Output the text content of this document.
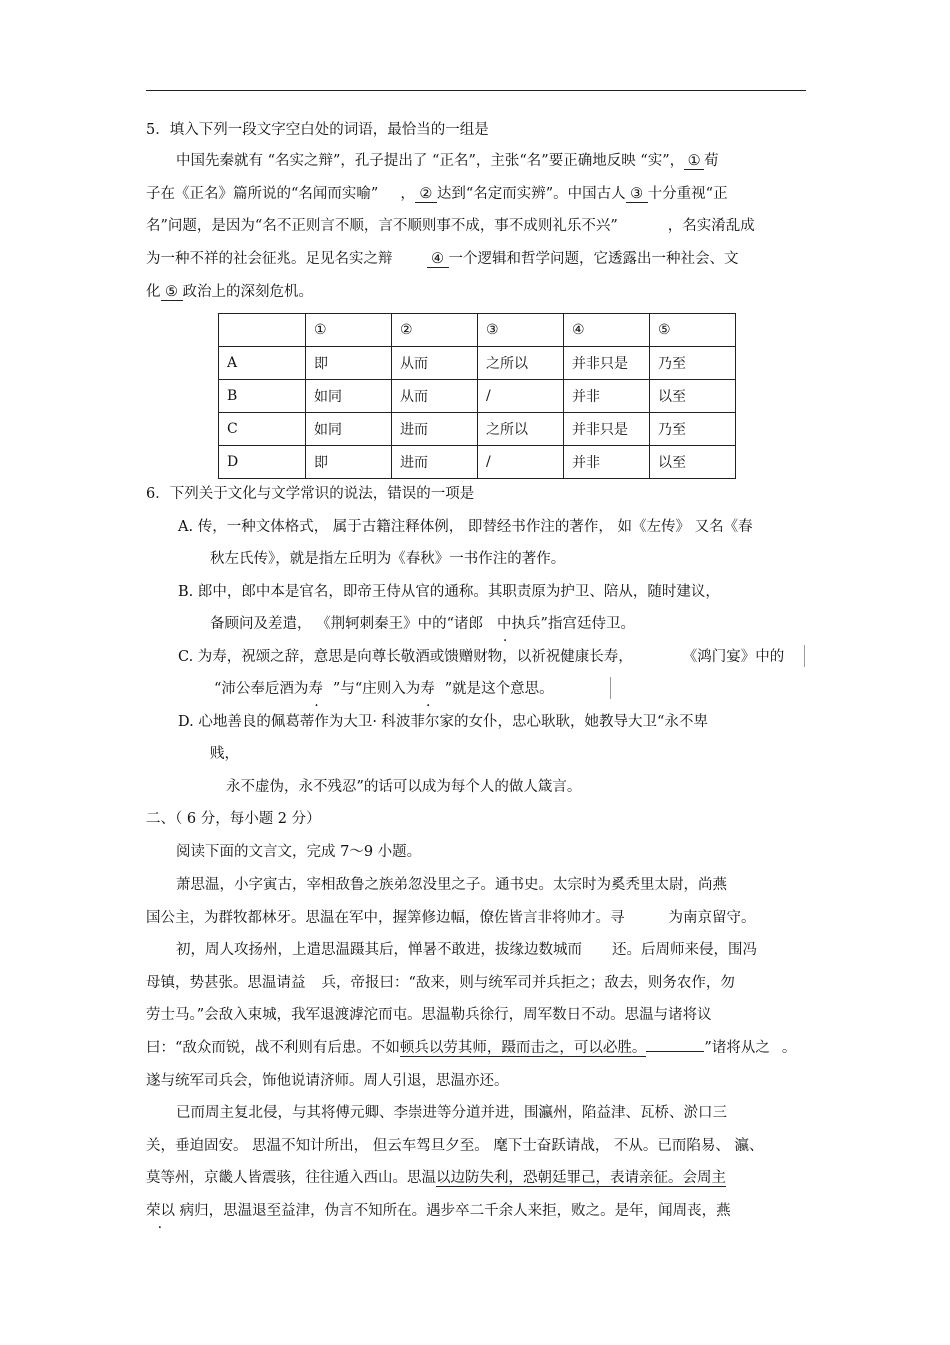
5．填入下列一段文字空白处的词语，最恰当的一组是
中国先秦就有 “名实之辩”，孔子提出了 “正名”，主张“名”要正确地反映 “实”， ① 荀
子在《正名》篇所说的“名闻而实喻” ， ② 达到“名定而实辨”。中国古人 ③ 十分重视“正
名”问题，是因为“名不正则言不顺，言不顺则事不成，事不成则礼乐不兴”	，名实淆乱成
为一种不祥的社会征兆。足见名实之辩	④ 一个逻辑和哲学问题，它透露出一种社会、文
化 ⑤ 政治上的深刻危机。
	①	②	③	④	⑤
A	即	从而	之所以	并非只是	乃至
B	如同	从而	/	并非	以至
C	如同	进而	之所以	并非只是	乃至
D	即	进而	/	并非	以至
6．下列关于文化与文学常识的说法，错误的一项是
A. 传，一种文体格式， 属于古籍注释体例， 即替经书作注的著作， 如《左传》 又名《春
秋左氏传》，就是指左丘明为《春秋》一书作注的著作。
B. 郎中，郎中本是官名，即帝王侍从官的通称。其职责原为护卫、陪从，随时建议，
备顾问及差遣， 《荆轲刺秦王》中的“诸郎 中执兵”指宫廷侍卫。
C. 为寿，祝颂之辞，意思是向尊长敬酒或馈赠财物，以祈祝健康长寿，	《鸿门宴》中的
“沛公奉卮酒为寿 ”与“庄则入为寿 ”就是这个意思。
D. 心地善良的佩葛蒂作为大卫· 科波菲尔家的女仆，忠心耿耿，她教导大卫“永不卑
贱，
永不虚伪，永不残忍”的话可以成为每个人的做人箴言。
二、（ 6 分，每小题 2 分）
阅读下面的文言文，完成 7～9 小题。
萧思温，小字寅古，宰相敌鲁之族弟忽没里之子。通书史。太宗时为奚秃里太尉，尚燕
国公主，为群牧都林牙。思温在军中，握筭修边幅，僚佐皆言非将帅才。寻	为南京留守。
初，周人攻扬州，上遣思温蹑其后，惮暑不敢进，拔缘边数城而 还。后周师来侵，围冯
母镇，势甚张。思温请益 兵，帝报曰：“敌来，则与统军司并兵拒之；敌去，则务农作，勿
劳士马。”会敌入束城，我军退渡滹沱而屯。思温勒兵徐行，周军数日不动。思温与诸将议
曰：“敌众而锐，战不利则有后患。不如顿兵以劳其师，蹑而击之，可以必胜。	”诸将从之 。
遂与统军司兵会，饰他说请济师。周人引退，思温亦还。
已而周主复北侵，与其将傅元卿、李崇进等分道并进，围瀛州，陷益津、瓦桥、淤口三
关，垂迫固安。 思温不知计所出， 但云车驾旦夕至。 麾下士奋跃请战， 不从。已而陷易、 瀛、
莫等州，京畿人皆震骇，往往遁入西山。思温以边防失利，恐朝廷罪己，表请亲征。会周主
荣以 病归，思温退至益津，伪言不知所在。遇步卒二千余人来拒，败之。是年，闻周丧，燕
